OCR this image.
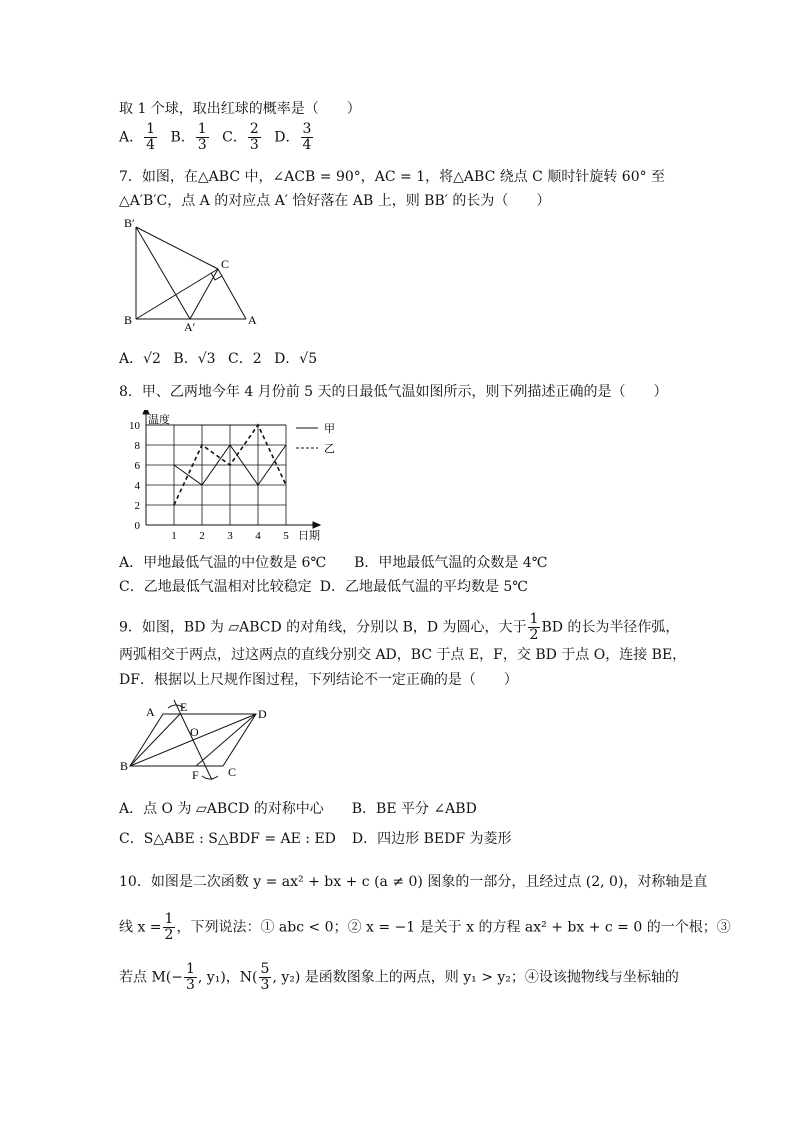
取 1 个球，取出红球的概率是（　　）
A． $\frac{1}{4}$ B． $\frac{1}{3}$ C． $\frac{2}{3}$ D． $\frac{3}{4}$
7．如图，在△ABC 中，∠ACB = 90°，AC = 1，将△ABC 绕点 C 顺时针旋转 60° 至
△A′B′C，点 A 的对应点 A′ 恰好落在 AB 上，则 BB′ 的长为（　　）
B′
C
B	A′	A
A．√2 B．√3 C．2 D．√5
8．甲、乙两地今年 4 月份前 5 天的日最低气温如图所示，则下列描述正确的是（　　）
0
2
4
6
8
10
1 2 3 4 5
甲
乙
温度
日期
A．甲地最低气温的中位数是 6℃ B．甲地最低气温的众数是 4℃
C．乙地最低气温相对比较稳定 D．乙地最低气温的平均数是 5℃
9．如图，BD 为 ▱ABCD 的对角线，分别以 B，D 为圆心，大于 $\frac{1}{2}$ BD 的长为半径作弧，
两弧相交于两点，过这两点的直线分别交 AD，BC 于点 E，F，交 BD 于点 O，连接 BE，
DF．根据以上尺规作图过程，下列结论不一定正确的是（　　）
A E	D
O
B
F C
A．点 O 为 ▱ABCD 的对称中心 B．BE 平分 ∠ABD
C．S△ABE : S△BDF = AE : ED D．四边形 BEDF 为菱形
10．如图是二次函数 y = ax² + bx + c (a ≠ 0) 图象的一部分，且经过点 (2, 0)，对称轴是直
线 $x = \frac{1}{2}$ ，下列说法：① abc < 0；② x = −1 是关于 x 的方程 ax² + bx + c = 0 的一个根；③
若点 $M(- \frac{1}{3}$ , y₁)，$N( \frac{5}{3}$ , y₂) 是函数图象上的两点，则 y₁ > y₂；④设该抛物线与坐标轴的
